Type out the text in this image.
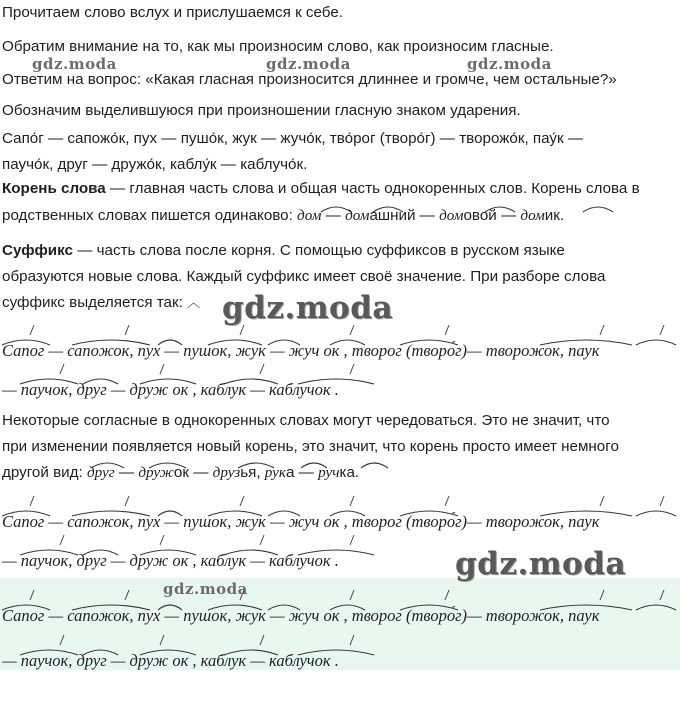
Прочитаем слово вслух и прислушаемся к себе.
Обратим внимание на то, как мы произносим слово, как произносим гласные.
Ответим на вопрос: «Какая гласная произносится длиннее и громче, чем остальные?»
Обозначим выделившуюся при произношении гласную знаком ударения.
Сапо́г — сапожо́к, пух — пушо́к, жук — жучо́к, тво́рог (творо́г) — творожо́к, пау́к —
паучо́к, друг — дружо́к, каблу́к — каблучо́к.
Корень слова — главная часть слова и общая часть однокоренных слов. Корень слова в
родственных словах пишется одинаково: дом — домашний — домовой — домик.
Суффикс — часть слова после корня. С помощью суффиксов в русском языке
образуются новые слова. Каждый суффикс имеет своё значение. При разборе слова
суффикс выделяется так: ︿
Сапог — сапожок, пух — пушок, жук — жуч ок , творог (творо́г)— творожок, паук
— паучок, друг — друж ок , каблук — каблучок .
Некоторые согласные в однокоренных словах могут чередоваться. Это не значит, что
при изменении появляется новый корень, это значит, что корень просто имеет немного
другой вид: друг — дружок — друзья, рука — ручка.
Сапог — сапожок, пух — пушок, жук — жуч ок , творог (творо́г)— творожок, паук
— паучок, друг — друж ок , каблук — каблучок .
Сапог — сапожок, пух — пушок, жук — жуч ок , творог (творо́г)— творожок, паук
— паучок, друг — друж ок , каблук — каблучок .
gdz.moda	gdz.moda	gdz.moda
gdz.moda
gdz.moda
gdz.moda
